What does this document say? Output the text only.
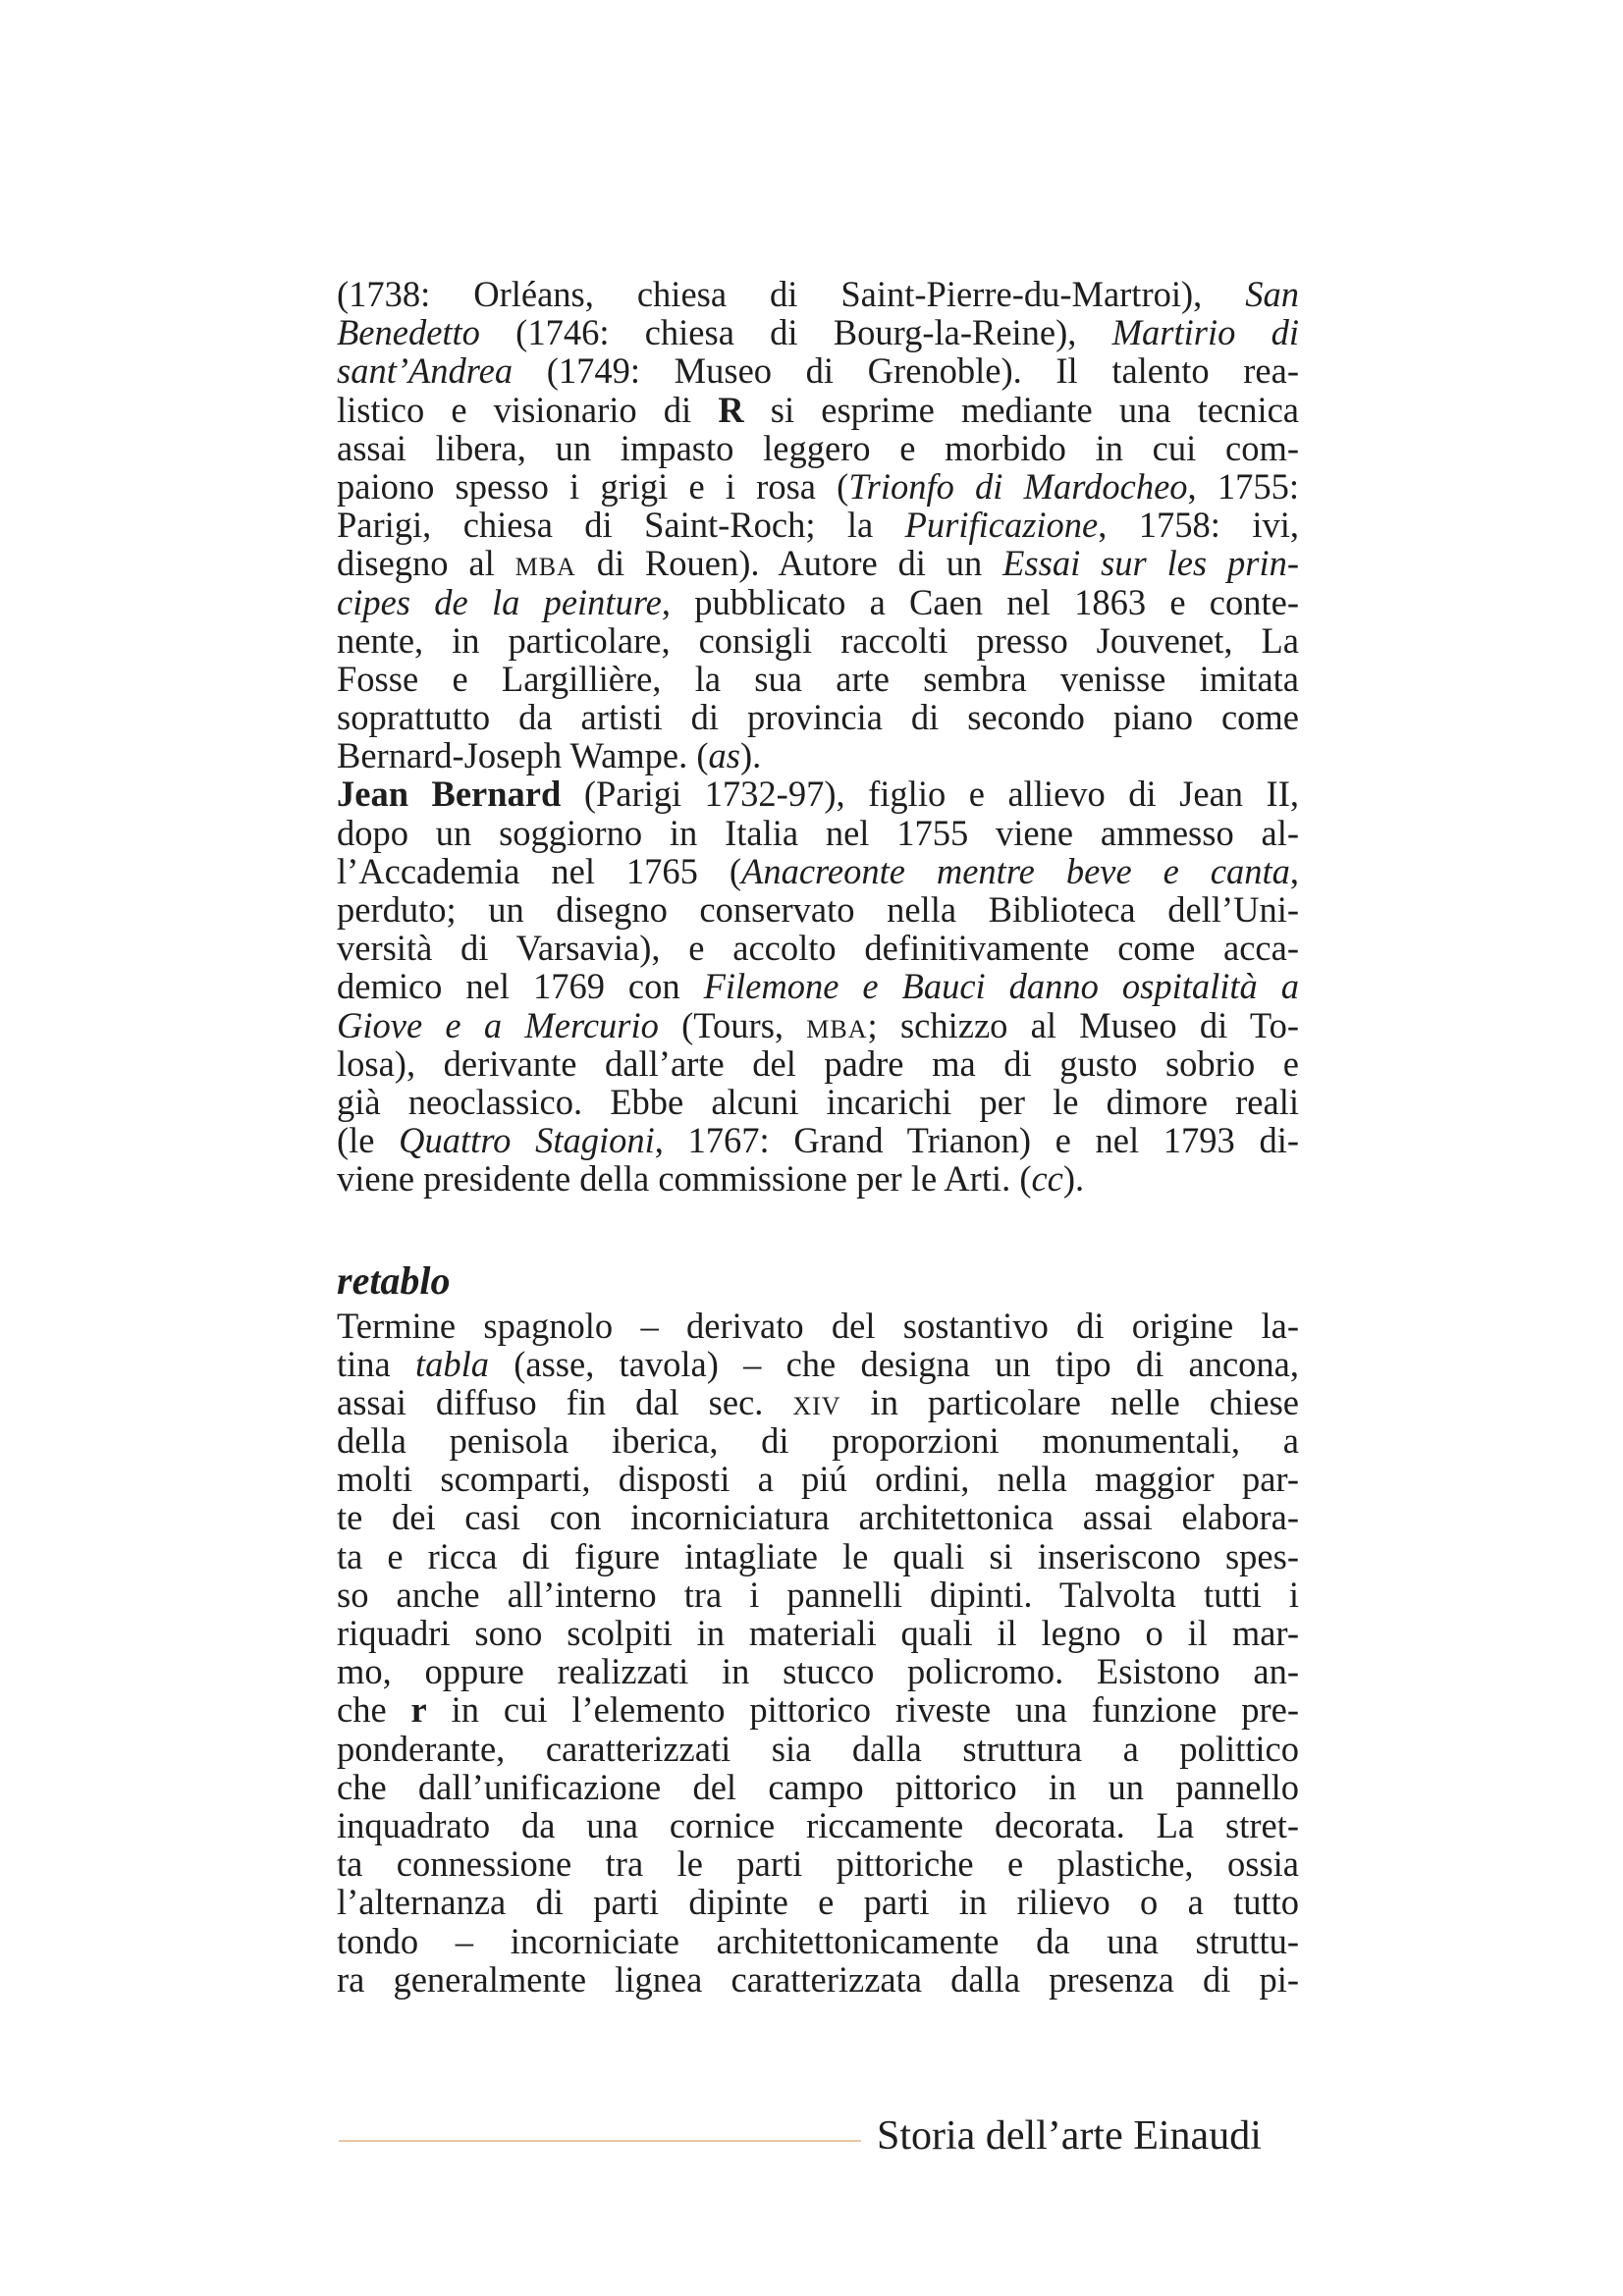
(1738: Orléans, chiesa di Saint-Pierre-du-Martroi), San
Benedetto (1746: chiesa di Bourg-la-Reine), Martirio di
sant’Andrea (1749: Museo di Grenoble). Il talento rea-
listico e visionario di R si esprime mediante una tecnica
assai libera, un impasto leggero e morbido in cui com-
paiono spesso i grigi e i rosa (Trionfo di Mardocheo, 1755:
Parigi, chiesa di Saint-Roch; la Purificazione, 1758: ivi,
disegno al mba di Rouen). Autore di un Essai sur les prin-
cipes de la peinture, pubblicato a Caen nel 1863 e conte-
nente, in particolare, consigli raccolti presso Jouvenet, La
Fosse e Largillière, la sua arte sembra venisse imitata
soprattutto da artisti di provincia di secondo piano come
Bernard-Joseph Wampe. (as).
Jean Bernard (Parigi 1732-97), figlio e allievo di Jean II,
dopo un soggiorno in Italia nel 1755 viene ammesso al-
l’Accademia nel 1765 (Anacreonte mentre beve e canta,
perduto; un disegno conservato nella Biblioteca dell’Uni-
versità di Varsavia), e accolto definitivamente come acca-
demico nel 1769 con Filemone e Bauci danno ospitalità a
Giove e a Mercurio (Tours, mba; schizzo al Museo di To-
losa), derivante dall’arte del padre ma di gusto sobrio e
già neoclassico. Ebbe alcuni incarichi per le dimore reali
(le Quattro Stagioni, 1767: Grand Trianon) e nel 1793 di-
viene presidente della commissione per le Arti. (cc).
retablo
Termine spagnolo – derivato del sostantivo di origine la-
tina tabla (asse, tavola) – che designa un tipo di ancona,
assai diffuso fin dal sec. xiv in particolare nelle chiese
della penisola iberica, di proporzioni monumentali, a
molti scomparti, disposti a piú ordini, nella maggior par-
te dei casi con incorniciatura architettonica assai elabora-
ta e ricca di figure intagliate le quali si inseriscono spes-
so anche all’interno tra i pannelli dipinti. Talvolta tutti i
riquadri sono scolpiti in materiali quali il legno o il mar-
mo, oppure realizzati in stucco policromo. Esistono an-
che r in cui l’elemento pittorico riveste una funzione pre-
ponderante, caratterizzati sia dalla struttura a polittico
che dall’unificazione del campo pittorico in un pannello
inquadrato da una cornice riccamente decorata. La stret-
ta connessione tra le parti pittoriche e plastiche, ossia
l’alternanza di parti dipinte e parti in rilievo o a tutto
tondo – incorniciate architettonicamente da una struttu-
ra generalmente lignea caratterizzata dalla presenza di pi-
Storia dell’arte Einaudi
